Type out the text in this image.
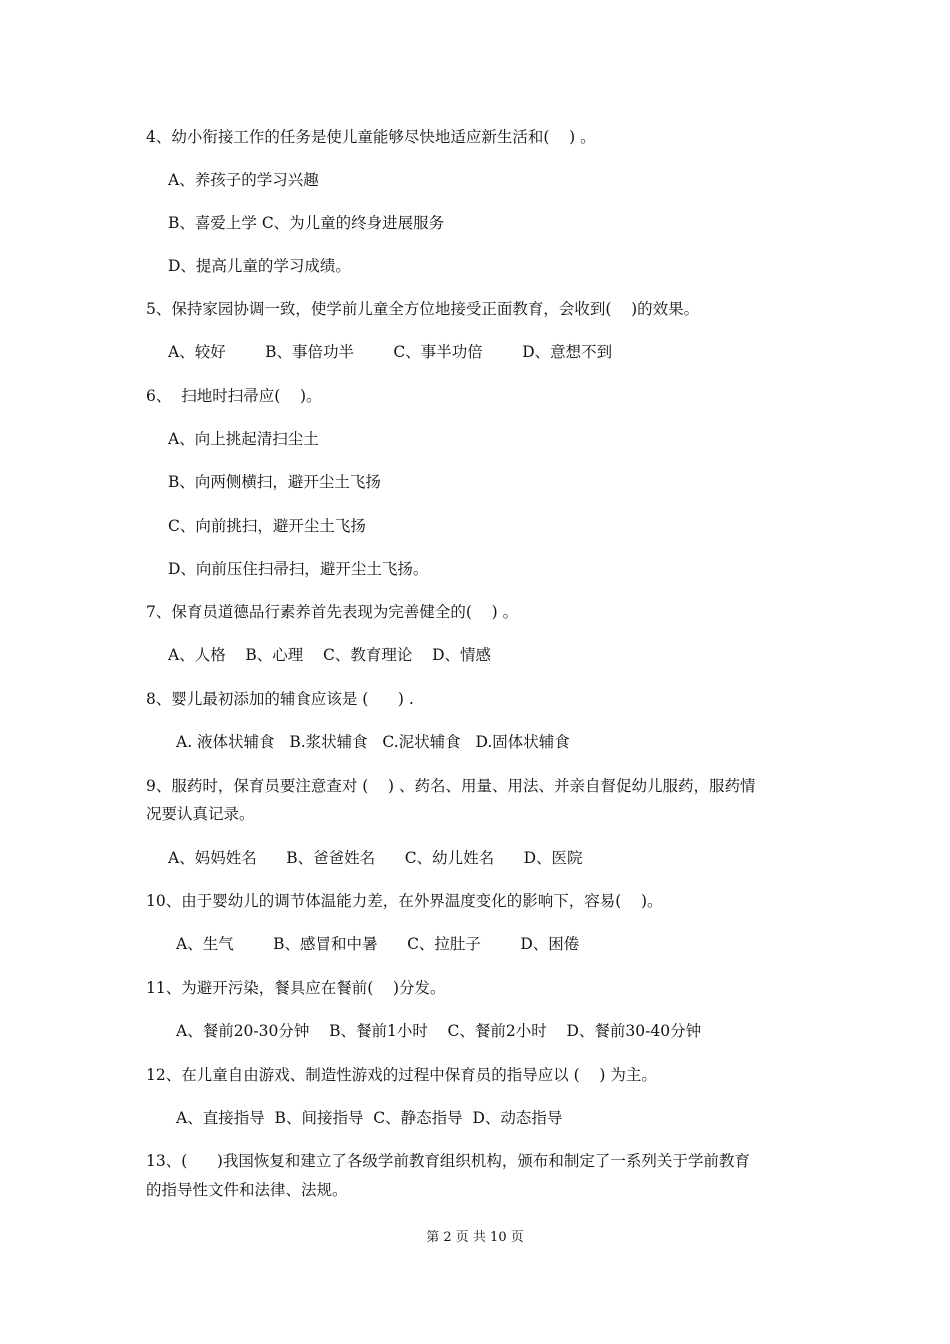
4、幼小衔接工作的任务是使儿童能够尽快地适应新生活和(    ) 。
A、养孩子的学习兴趣
B、喜爱上学 C、为儿童的终身进展服务
D、提高儿童的学习成绩。
5、保持家园协调一致，使学前儿童全方位地接受正面教育，会收到(    )的效果。
A、较好        B、事倍功半        C、事半功倍        D、意想不到
6、  扫地时扫帚应(    )。
A、向上挑起清扫尘土
B、向两侧横扫，避开尘土飞扬
C、向前挑扫，避开尘土飞扬
D、向前压住扫帚扫，避开尘土飞扬。
7、保育员道德品行素养首先表现为完善健全的(    ) 。
A、人格    B、心理    C、教育理论    D、情感
8、婴儿最初添加的辅食应该是 (      ) .
A. 液体状辅食   B.浆状辅食   C.泥状辅食   D.固体状辅食
9、服药时，保育员要注意查对 (    ) 、药名、用量、用法、并亲自督促幼儿服药，服药情
况要认真记录。
A、妈妈姓名      B、爸爸姓名      C、幼儿姓名      D、医院
10、由于婴幼儿的调节体温能力差，在外界温度变化的影响下，容易(    )。
A、生气        B、感冒和中暑      C、拉肚子        D、困倦
11、为避开污染，餐具应在餐前(    )分发。
A、餐前20-30分钟    B、餐前1小时    C、餐前2小时    D、餐前30-40分钟
12、在儿童自由游戏、制造性游戏的过程中保育员的指导应以 (    ) 为主。
A、直接指导  B、间接指导  C、静态指导  D、动态指导
13、(      )我国恢复和建立了各级学前教育组织机构，颁布和制定了一系列关于学前教育
的指导性文件和法律、法规。
第 2 页 共 10 页
